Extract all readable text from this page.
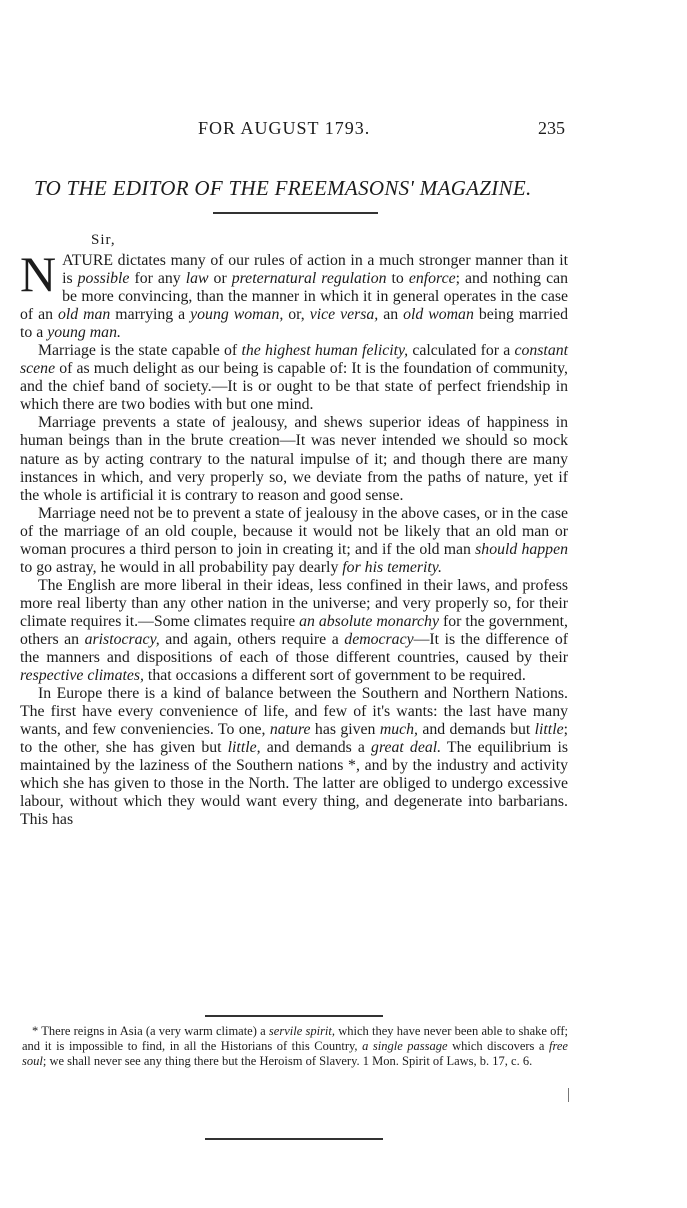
FOR AUGUST 1793.	235
TO THE EDITOR OF THE FREEMASONS' MAGAZINE.
Sir,

NATURE dictates many of our rules of action in a much stronger manner than it is possible for any law or preternatural regulation to enforce; and nothing can be more convincing, than the manner in which it in general operates in the case of an old man marrying a young woman, or, vice versa, an old woman being married to a young man.

Marriage is the state capable of the highest human felicity, calculated for a constant scene of as much delight as our being is capable of: It is the foundation of community, and the chief band of society.—It is or ought to be that state of perfect friendship in which there are two bodies with but one mind.

Marriage prevents a state of jealousy, and shews superior ideas of happiness in human beings than in the brute creation—It was never intended we should so mock nature as by acting contrary to the natural impulse of it; and though there are many instances in which, and very properly so, we deviate from the paths of nature, yet if the whole is artificial it is contrary to reason and good sense.

Marriage need not be to prevent a state of jealousy in the above cases, or in the case of the marriage of an old couple, because it would not be likely that an old man or woman procures a third person to join in creating it; and if the old man should happen to go astray, he would in all probability pay dearly for his temerity.

The English are more liberal in their ideas, less confined in their laws, and profess more real liberty than any other nation in the universe; and very properly so, for their climate requires it.—Some climates require an absolute monarchy for the government, others an aristocracy, and again, others require a democracy—It is the difference of the manners and dispositions of each of those different countries, caused by their respective climates, that occasions a different sort of government to be required.

In Europe there is a kind of balance between the Southern and Northern Nations. The first have every convenience of life, and few of it's wants: the last have many wants, and few conveniencies. To one, nature has given much, and demands but little; to the other, she has given but little, and demands a great deal. The equilibrium is maintained by the laziness of the Southern nations *, and by the industry and activity which she has given to those in the North. The latter are obliged to undergo excessive labour, without which they would want every thing, and degenerate into barbarians. This has

* There reigns in Asia (a very warm climate) a servile spirit, which they have never been able to shake off; and it is impossible to find, in all the Historians of this Country, a single passage which discovers a free soul; we shall never see any thing there but the Heroism of Slavery. 1 Mon. Spirit of Laws, b. 17, c. 6.
